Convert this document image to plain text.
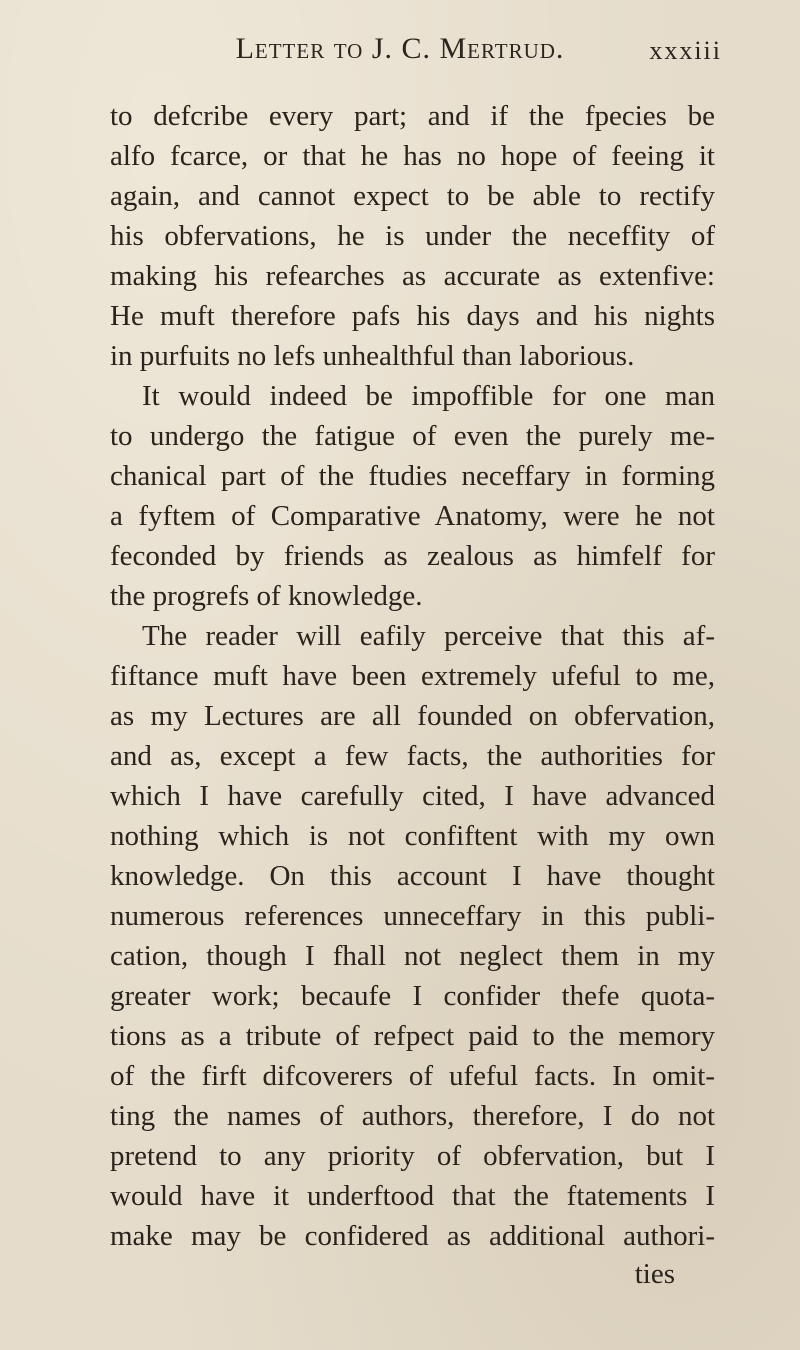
Letter to J. C. Mertrud.	xxxiii
to defcribe every part; and if the fpecies be
alfo fcarce, or that he has no hope of feeing it
again, and cannot expect to be able to rectify
his obfervations, he is under the neceffity of
making his refearches as accurate as extenfive:
He muft therefore pafs his days and his nights
in purfuits no lefs unhealthful than laborious.
It would indeed be impoffible for one man
to undergo the fatigue of even the purely me-
chanical part of the ftudies neceffary in forming
a fyftem of Comparative Anatomy, were he not
feconded by friends as zealous as himfelf for
the progrefs of knowledge.
The reader will eafily perceive that this af-
fiftance muft have been extremely ufeful to me,
as my Lectures are all founded on obfervation,
and as, except a few facts, the authorities for
which I have carefully cited, I have advanced
nothing which is not confiftent with my own
knowledge. On this account I have thought
numerous references unneceffary in this publi-
cation, though I fhall not neglect them in my
greater work; becaufe I confider thefe quota-
tions as a tribute of refpect paid to the memory
of the firft difcoverers of ufeful facts. In omit-
ting the names of authors, therefore, I do not
pretend to any priority of obfervation, but I
would have it underftood that the ftatements I
make may be confidered as additional authori-
ties
